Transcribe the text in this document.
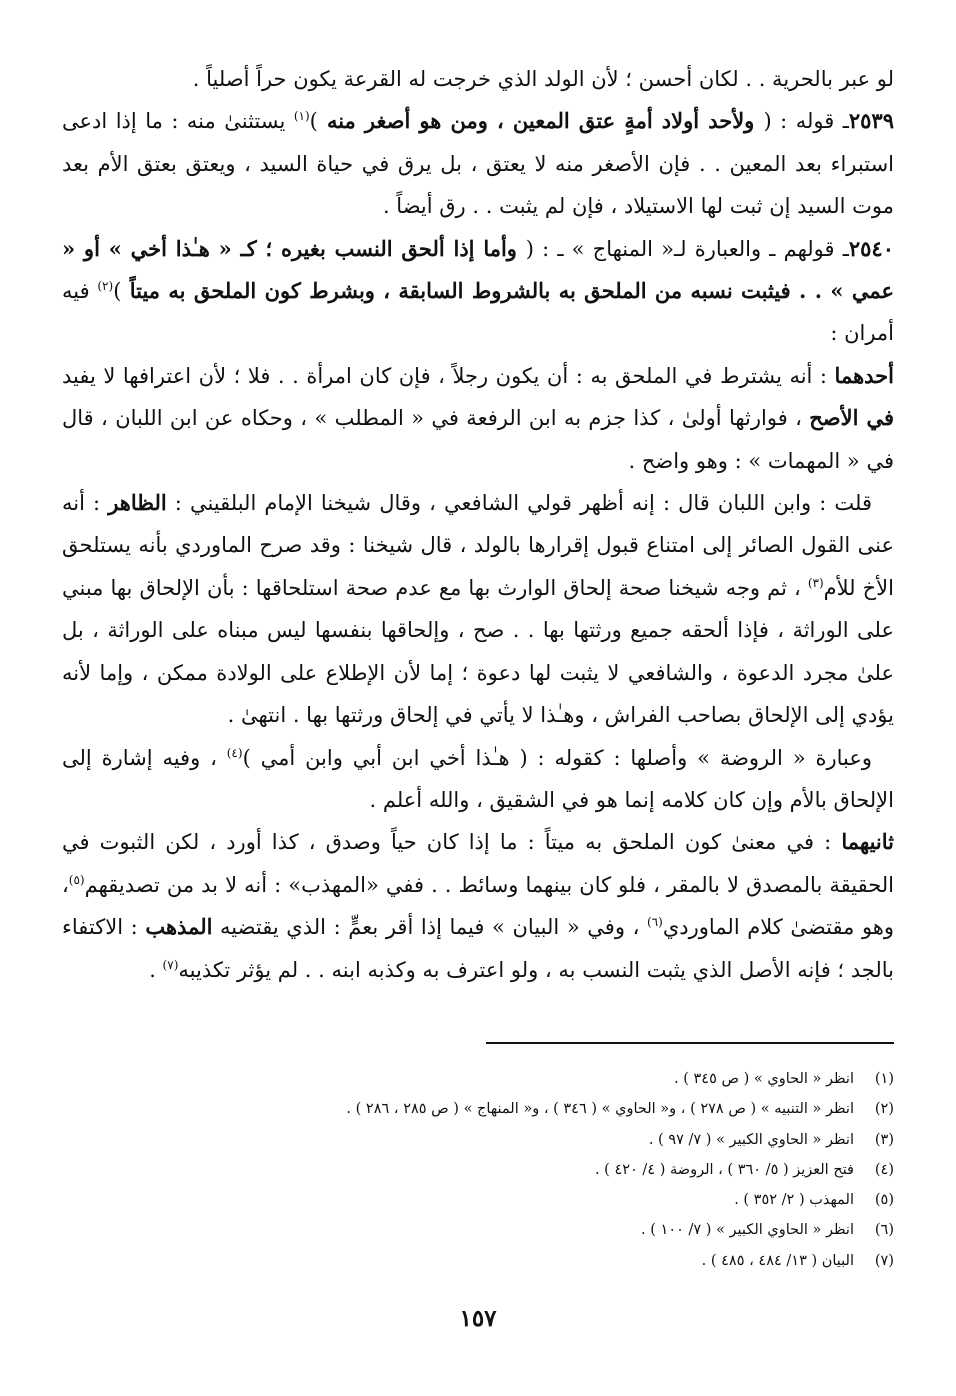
لو عبر بالحرية . . لكان أحسن ؛ لأن الولد الذي خرجت له القرعة يكون حراً أصلياً .

٢٥٣٩ـ قوله : ( ولأحد أولاد أمةٍ عتق المعين ، ومن هو أصغر منه )$^{(١)}$ يستثنىٰ منه : ما إذا ادعى استبراء بعد المعين . . فإن الأصغر منه لا يعتق ، بل يرق في حياة السيد ، ويعتق بعتق الأم بعد موت السيد إن ثبت لها الاستيلاد ، فإن لم يثبت . . رق أيضاً .

٢٥٤٠ـ قولهم ـ والعبارة لـ« المنهاج » ـ : ( وأما إذا ألحق النسب بغيره ؛ كـ « هـٰذا أخي » أو « عمي » . . فيثبت نسبه من الملحق به بالشروط السابقة ، وبشرط كون الملحق به ميتاً )$^{(٢)}$ فيه أمران :

أحدهما : أنه يشترط في الملحق به : أن يكون رجلاً ، فإن كان امرأة . . فلا ؛ لأن اعترافها لا يفيد في الأصح ، فوارثها أولىٰ ، كذا جزم به ابن الرفعة في « المطلب » ، وحكاه عن ابن اللبان ، قال في « المهمات » : وهو واضح .

قلت : وابن اللبان قال : إنه أظهر قولي الشافعي ، وقال شيخنا الإمام البلقيني : الظاهر : أنه عنى القول الصائر إلى امتناع قبول إقرارها بالولد ، قال شيخنا : وقد صرح الماوردي بأنه يستلحق الأخ للأم$^{(٣)}$ ، ثم وجه شيخنا صحة إلحاق الوارث بها مع عدم صحة استلحاقها : بأن الإلحاق بها مبني على الوراثة ، فإذا ألحقه جميع ورثتها بها . . صح ، وإلحاقها بنفسها ليس مبناه على الوراثة ، بل علىٰ مجرد الدعوة ، والشافعي لا يثبت لها دعوة ؛ إما لأن الإطلاع على الولادة ممكن ، وإما لأنه يؤدي إلى الإلحاق بصاحب الفراش ، وهـٰذا لا يأتي في إلحاق ورثتها بها . انتهىٰ .

وعبارة « الروضة » وأصلها : كقوله : ( هـٰذا أخي ابن أبي وابن أمي )$^{(٤)}$ ، وفيه إشارة إلى الإلحاق بالأم وإن كان كلامه إنما هو في الشقيق ، والله أعلم .

ثانيهما : في معنىٰ كون الملحق به ميتاً : ما إذا كان حياً وصدق ، كذا أورد ، لكن الثبوت في الحقيقة بالمصدق لا بالمقر ، فلو كان بينهما وسائط . . ففي «المهذب» : أنه لا بد من تصديقهم$^{(٥)}$، وهو مقتضىٰ كلام الماوردي$^{(٦)}$ ، وفي « البيان » فيما إذا أقر بعمٍّ : الذي يقتضيه المذهب : الاكتفاء بالجد ؛ فإنه الأصل الذي يثبت النسب به ، ولو اعترف به وكذبه ابنه . . لم يؤثر تكذيبه$^{(٧)}$ .

(١)انظر « الحاوي » ( ص ٣٤٥ ) .
(٢)انظر « التنبيه » ( ص ٢٧٨ ) ، و« الحاوي » ( ٣٤٦ ) ، و« المنهاج » ( ص ٢٨٥ ، ٢٨٦ ) .
(٣)انظر « الحاوي الكبير » ( ٧/ ٩٧ ) .
(٤)فتح العزيز ( ٥/ ٣٦٠ ) ، الروضة ( ٤/ ٤٢٠ ) .
(٥)المهذب ( ٢/ ٣٥٢ ) .
(٦)انظر « الحاوي الكبير » ( ٧/ ١٠٠ ) .
(٧)البيان ( ١٣/ ٤٨٤ ، ٤٨٥ ) .
١٥٧
